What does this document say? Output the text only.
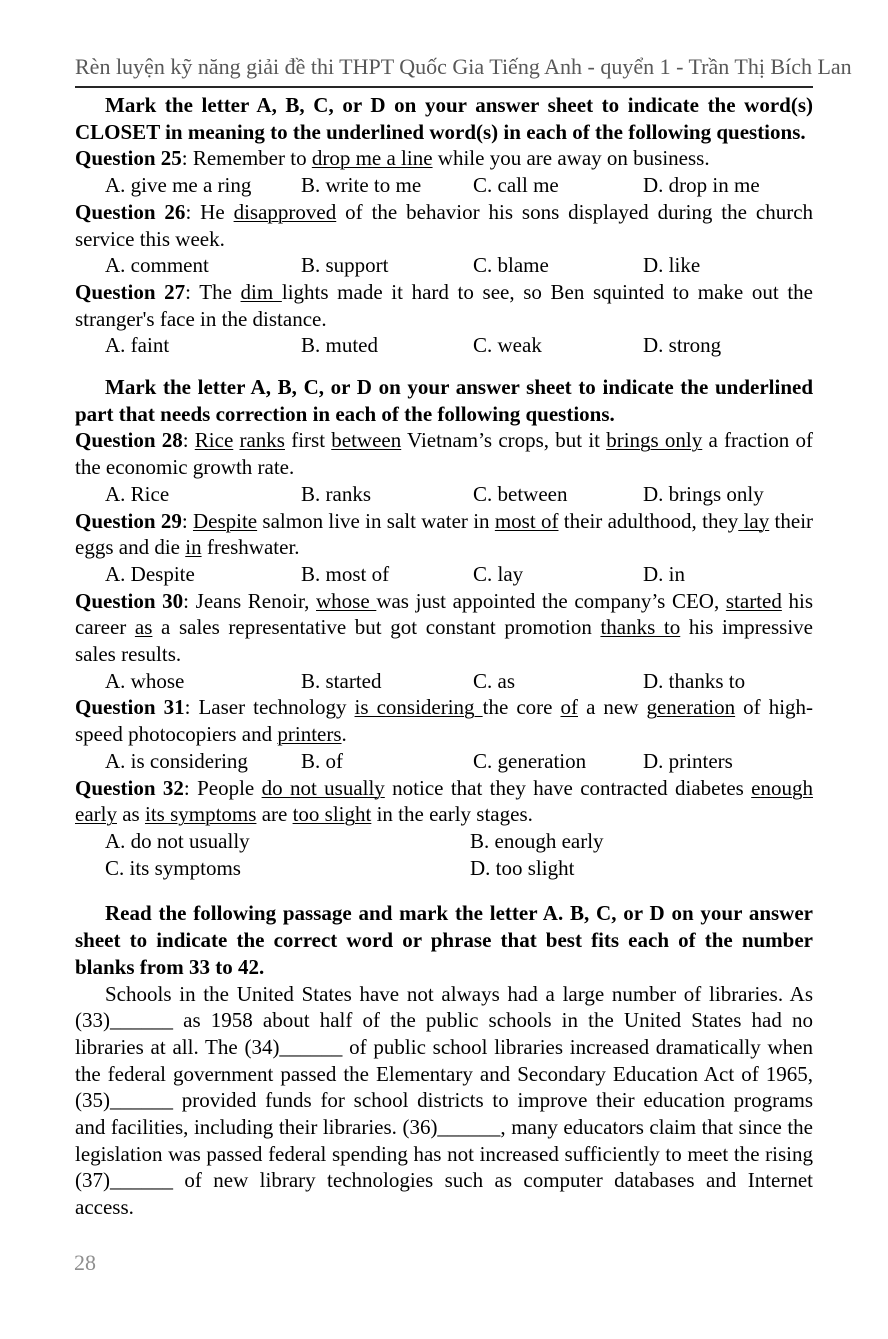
Rèn luyện kỹ năng giải đề thi THPT Quốc Gia Tiếng Anh - quyển 1 - Trần Thị Bích Lan

Mark the letter A, B, C, or D on your answer sheet to indicate the word(s) CLOSET in meaning to the underlined word(s) in each of the following questions.

Question 25: Remember to drop me a line while you are away on business.

A. give me a ring	B. write to me	C. call me	D. drop in me

Question 26: He disapproved of the behavior his sons displayed during the church service this week.

A. comment	B. support	C. blame	D. like

Question 27: The dim lights made it hard to see, so Ben squinted to make out the stranger's face in the distance.

A. faint	B. muted	C. weak	D. strong

Mark the letter A, B, C, or D on your answer sheet to indicate the underlined part that needs correction in each of the following questions.

Question 28: Rice ranks first between Vietnam’s crops, but it brings only a fraction of the economic growth rate.

A. Rice	B. ranks	C. between	D. brings only

Question 29: Despite salmon live in salt water in most of their adulthood, they lay their eggs and die in freshwater.

A. Despite	B. most of	C. lay	D. in

Question 30: Jeans Renoir, whose was just appointed the company’s CEO, started his career as a sales representative but got constant promotion thanks to his impressive sales results.

A. whose	B. started	C. as	D. thanks to

Question 31: Laser technology is considering the core of a new generation of high-speed photocopiers and printers.

A. is considering	B. of	C. generation	D. printers

Question 32: People do not usually notice that they have contracted diabetes enough early as its symptoms are too slight in the early stages.

A. do not usually	B. enough early
C. its symptoms	D. too slight

Read the following passage and mark the letter A. B, C, or D on your answer sheet to indicate the correct word or phrase that best fits each of the number blanks from 33 to 42.

Schools in the United States have not always had a large number of libraries. As (33)______ as 1958 about half of the public schools in the United States had no libraries at all. The (34)______ of public school libraries increased dramatically when the federal government passed the Elementary and Secondary Education Act of 1965, (35)______ provided funds for school districts to improve their education programs and facilities, including their libraries. (36)______, many educators claim that since the legislation was passed federal spending has not increased sufficiently to meet the rising (37)______ of new library technologies such as computer databases and Internet access.

28
